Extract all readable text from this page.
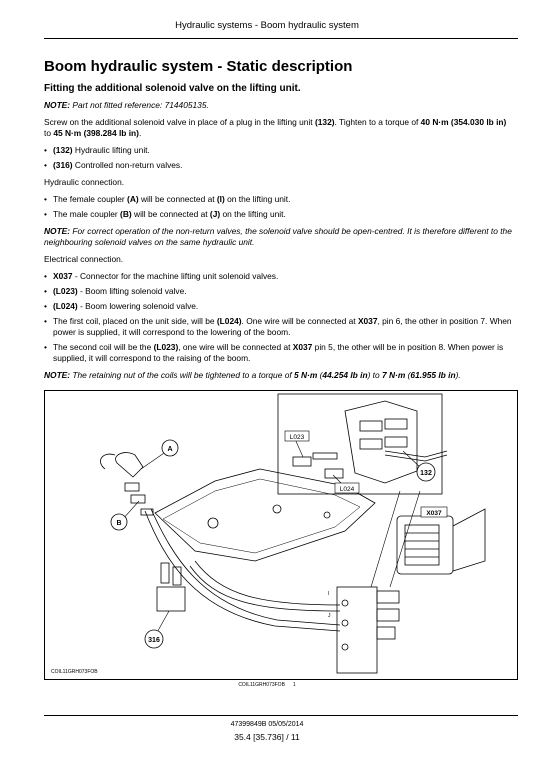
Hydraulic systems - Boom hydraulic system
Boom hydraulic system - Static description
Fitting the additional solenoid valve on the lifting unit.

NOTE: Part not fitted reference: 714405135.

Screw on the additional solenoid valve in place of a plug in the lifting unit (132). Tighten to a torque of 40 N·m (354.030 lb in) to 45 N·m (398.284 lb in).

• (132) Hydraulic lifting unit.
• (316) Controlled non-return valves.

Hydraulic connection.

• The female coupler (A) will be connected at (I) on the lifting unit.
• The male coupler (B) will be connected at (J) on the lifting unit.

NOTE: For correct operation of the non-return valves, the solenoid valve should be open-centred. It is therefore different to the neighbouring solenoid valves on the same hydraulic unit.

Electrical connection.

• X037 - Connector for the machine lifting unit solenoid valves.
• (L023) - Boom lifting solenoid valve.
• (L024) - Boom lowering solenoid valve.
• The first coil, placed on the unit side, will be (L024). One wire will be connected at X037, pin 6, the other in position 7. When power is supplied, it will correspond to the lowering of the boom.
• The second coil will be the (L023), one wire will be connected at X037 pin 5, the other will be in position 8. When power is supplied, it will correspond to the raising of the boom.

NOTE: The retaining nut of the coils will be tightened to a torque of 5 N·m (44.254 lb in) to 7 N·m (61.955 lb in).

A
B
316
132
L023
L024
X037
I
J
COIL11GRH073FOB
COIL11GRH073FOB 1
47399849B 05/05/2014
35.4 [35.736] / 11
